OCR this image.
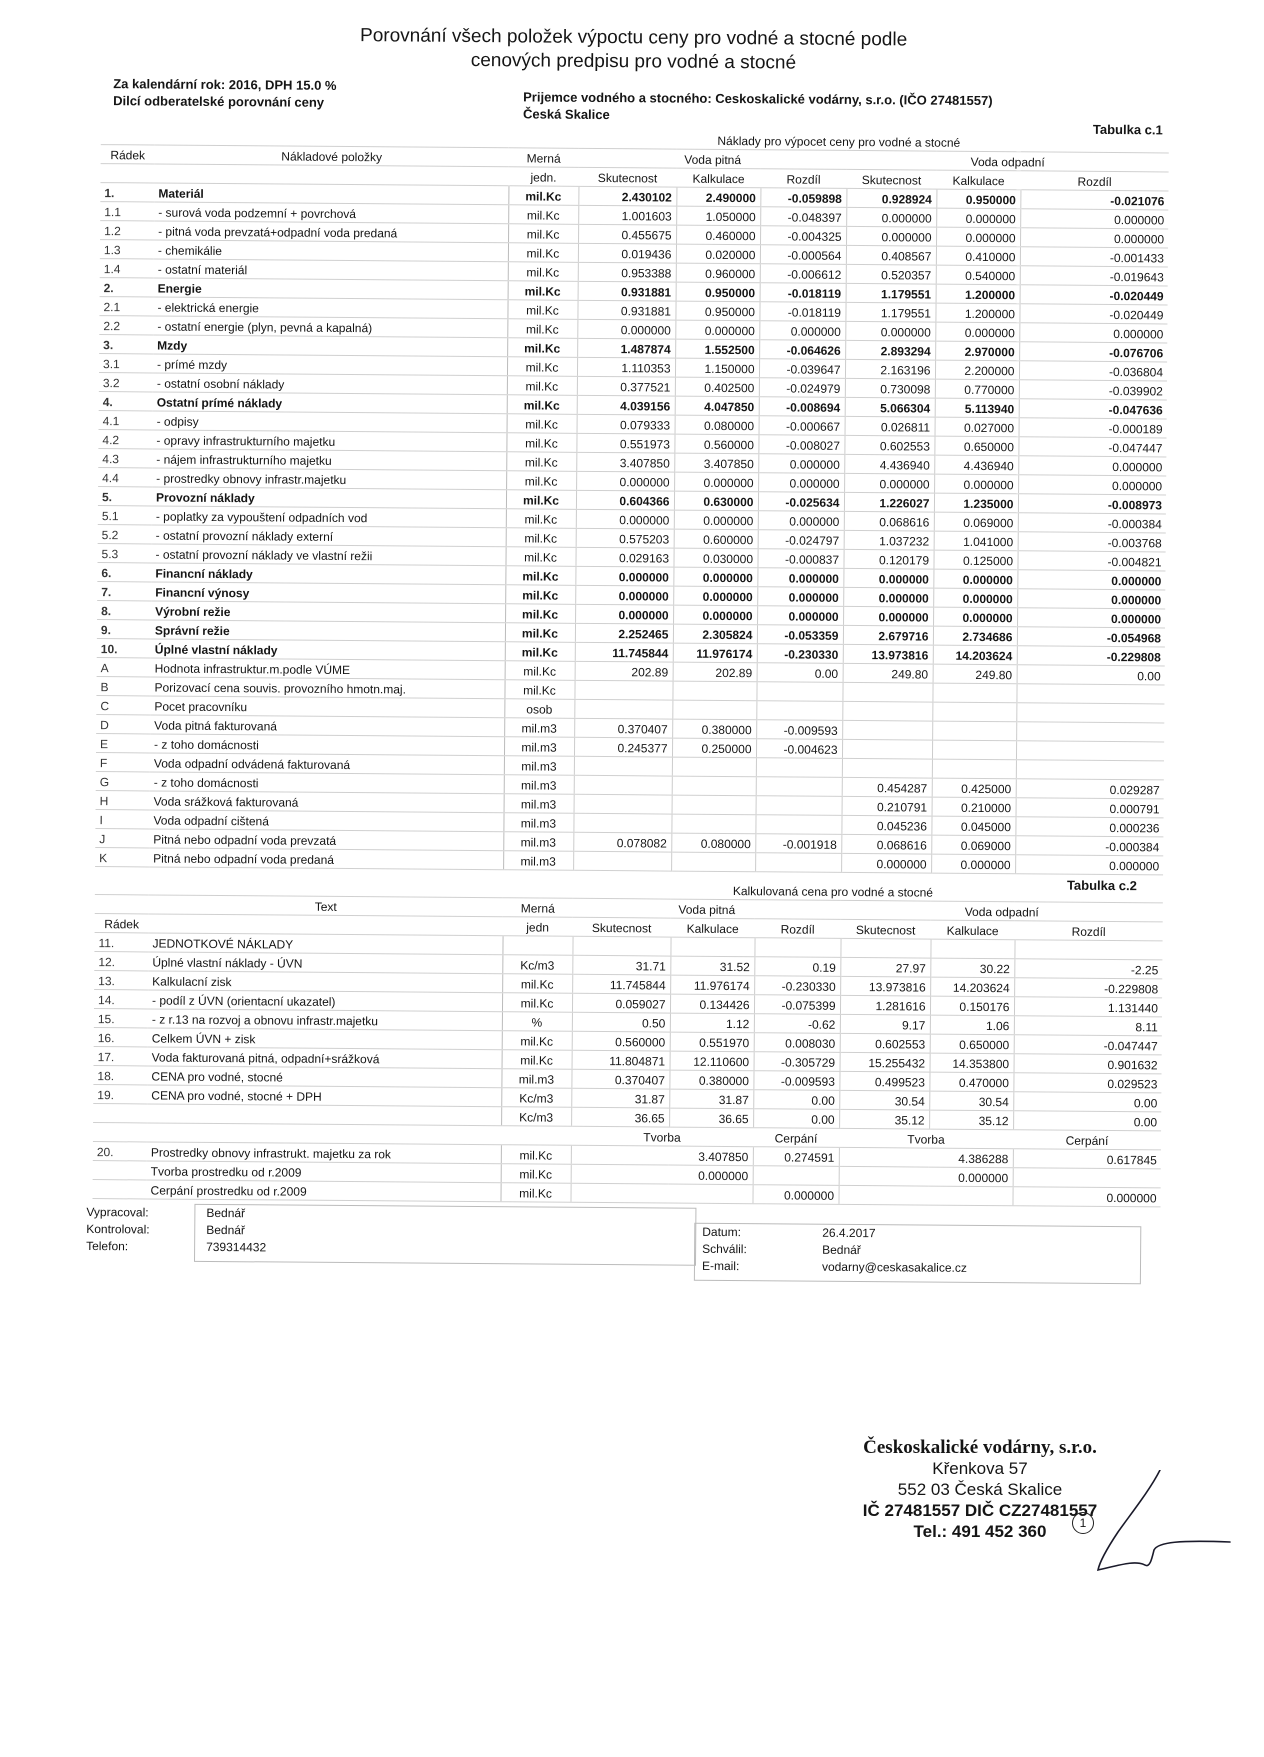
Porovnání všech položek výpoctu ceny pro vodné a stocné podle
cenových predpisu pro vodné a stocné
Za kalendární rok: 2016, DPH 15.0 %
Dilcí odberatelské porovnání ceny	Prijemce vodného a stocného: Ceskoskalické vodárny, s.r.o. (IČO 27481557)
Česká Skalice
Tabulka c.1
		Náklady pro výpocet ceny pro vodné a stocné						
Rádek	Nákladové položky	Merná	Voda pitná			Voda odpadní		
		jedn.	Skutecnost	Kalkulace	Rozdíl	Skutecnost	Kalkulace	Rozdíl
1.	Materiál	mil.Kc	2.430102	2.490000	-0.059898	0.928924	0.950000	-0.021076
1.1	- surová voda podzemní + povrchová	mil.Kc	1.001603	1.050000	-0.048397	0.000000	0.000000	0.000000
1.2	- pitná voda prevzatá+odpadní voda predaná	mil.Kc	0.455675	0.460000	-0.004325	0.000000	0.000000	0.000000
1.3	- chemikálie	mil.Kc	0.019436	0.020000	-0.000564	0.408567	0.410000	-0.001433
1.4	- ostatní materiál	mil.Kc	0.953388	0.960000	-0.006612	0.520357	0.540000	-0.019643
2.	Energie	mil.Kc	0.931881	0.950000	-0.018119	1.179551	1.200000	-0.020449
2.1	- elektrická energie	mil.Kc	0.931881	0.950000	-0.018119	1.179551	1.200000	-0.020449
2.2	- ostatní energie (plyn, pevná a kapalná)	mil.Kc	0.000000	0.000000	0.000000	0.000000	0.000000	0.000000
3.	Mzdy	mil.Kc	1.487874	1.552500	-0.064626	2.893294	2.970000	-0.076706
3.1	- prímé mzdy	mil.Kc	1.110353	1.150000	-0.039647	2.163196	2.200000	-0.036804
3.2	- ostatní osobní náklady	mil.Kc	0.377521	0.402500	-0.024979	0.730098	0.770000	-0.039902
4.	Ostatní prímé náklady	mil.Kc	4.039156	4.047850	-0.008694	5.066304	5.113940	-0.047636
4.1	- odpisy	mil.Kc	0.079333	0.080000	-0.000667	0.026811	0.027000	-0.000189
4.2	- opravy infrastrukturního majetku	mil.Kc	0.551973	0.560000	-0.008027	0.602553	0.650000	-0.047447
4.3	- nájem infrastrukturního majetku	mil.Kc	3.407850	3.407850	0.000000	4.436940	4.436940	0.000000
4.4	- prostredky obnovy infrastr.majetku	mil.Kc	0.000000	0.000000	0.000000	0.000000	0.000000	0.000000
5.	Provozní náklady	mil.Kc	0.604366	0.630000	-0.025634	1.226027	1.235000	-0.008973
5.1	- poplatky za vypouštení odpadních vod	mil.Kc	0.000000	0.000000	0.000000	0.068616	0.069000	-0.000384
5.2	- ostatní provozní náklady externí	mil.Kc	0.575203	0.600000	-0.024797	1.037232	1.041000	-0.003768
5.3	- ostatní provozní náklady ve vlastní režii	mil.Kc	0.029163	0.030000	-0.000837	0.120179	0.125000	-0.004821
6.	Financní náklady	mil.Kc	0.000000	0.000000	0.000000	0.000000	0.000000	0.000000
7.	Financní výnosy	mil.Kc	0.000000	0.000000	0.000000	0.000000	0.000000	0.000000
8.	Výrobní režie	mil.Kc	0.000000	0.000000	0.000000	0.000000	0.000000	0.000000
9.	Správní režie	mil.Kc	2.252465	2.305824	-0.053359	2.679716	2.734686	-0.054968
10.	Úplné vlastní náklady	mil.Kc	11.745844	11.976174	-0.230330	13.973816	14.203624	-0.229808
A	Hodnota infrastruktur.m.podle VÚME	mil.Kc	202.89	202.89	0.00	249.80	249.80	0.00
B	Porizovací cena souvis. provozního hmotn.maj.	mil.Kc						
C	Pocet pracovníku	osob						
D	Voda pitná fakturovaná	mil.m3	0.370407	0.380000	-0.009593			
E	- z toho domácnosti	mil.m3	0.245377	0.250000	-0.004623			
F	Voda odpadní odvádená fakturovaná	mil.m3						
G	- z toho domácnosti	mil.m3				0.454287	0.425000	0.029287
H	Voda srážková fakturovaná	mil.m3				0.210791	0.210000	0.000791
I	Voda odpadní cištená	mil.m3				0.045236	0.045000	0.000236
J	Pitná nebo odpadní voda prevzatá	mil.m3	0.078082	0.080000	-0.001918	0.068616	0.069000	-0.000384
K	Pitná nebo odpadní voda predaná	mil.m3				0.000000	0.000000	0.000000
Tabulka c.2
		Kalkulovaná cena pro vodné a stocné						
	Text	Merná	Voda pitná			Voda odpadní		
Rádek		jedn	Skutecnost	Kalkulace	Rozdíl	Skutecnost	Kalkulace	Rozdíl
11.	JEDNOTKOVÉ NÁKLADY							
12.	Úplné vlastní náklady - ÚVN	Kc/m3	31.71	31.52	0.19	27.97	30.22	-2.25
13.	Kalkulacní zisk	mil.Kc	11.745844	11.976174	-0.230330	13.973816	14.203624	-0.229808
14.	- podíl z ÚVN (orientacní ukazatel)	mil.Kc	0.059027	0.134426	-0.075399	1.281616	0.150176	1.131440
15.	- z r.13 na rozvoj a obnovu infrastr.majetku	%	0.50	1.12	-0.62	9.17	1.06	8.11
16.	Celkem ÚVN + zisk	mil.Kc	0.560000	0.551970	0.008030	0.602553	0.650000	-0.047447
17.	Voda fakturovaná pitná, odpadní+srážková	mil.Kc	11.804871	12.110600	-0.305729	15.255432	14.353800	0.901632
18.	CENA pro vodné, stocné	mil.m3	0.370407	0.380000	-0.009593	0.499523	0.470000	0.029523
19.	CENA pro vodné, stocné + DPH	Kc/m3	31.87	31.87	0.00	30.54	30.54	0.00
		Kc/m3	36.65	36.65	0.00	35.12	35.12	0.00
			Tvorba		Cerpání	Tvorba		Cerpání
20.	Prostredky obnovy infrastrukt. majetku za rok	mil.Kc	3.407850		0.274591	4.386288		0.617845
	Tvorba prostredku od r.2009	mil.Kc	0.000000			0.000000		
	Cerpání prostredku od r.2009	mil.Kc			0.000000			0.000000
Vypracoval:	Bednář
Kontroloval:	Bednář
Telefon:	739314432
Datum:	26.4.2017
Schválil:	Bednář
E-mail:	vodarny@ceskasakalice.cz
Českoskalické vodárny, s.r.o.
Křenkova 57
552 03 Česká Skalice
IČ 27481557 DIČ CZ27481557
Tel.: 491 452 360	1
